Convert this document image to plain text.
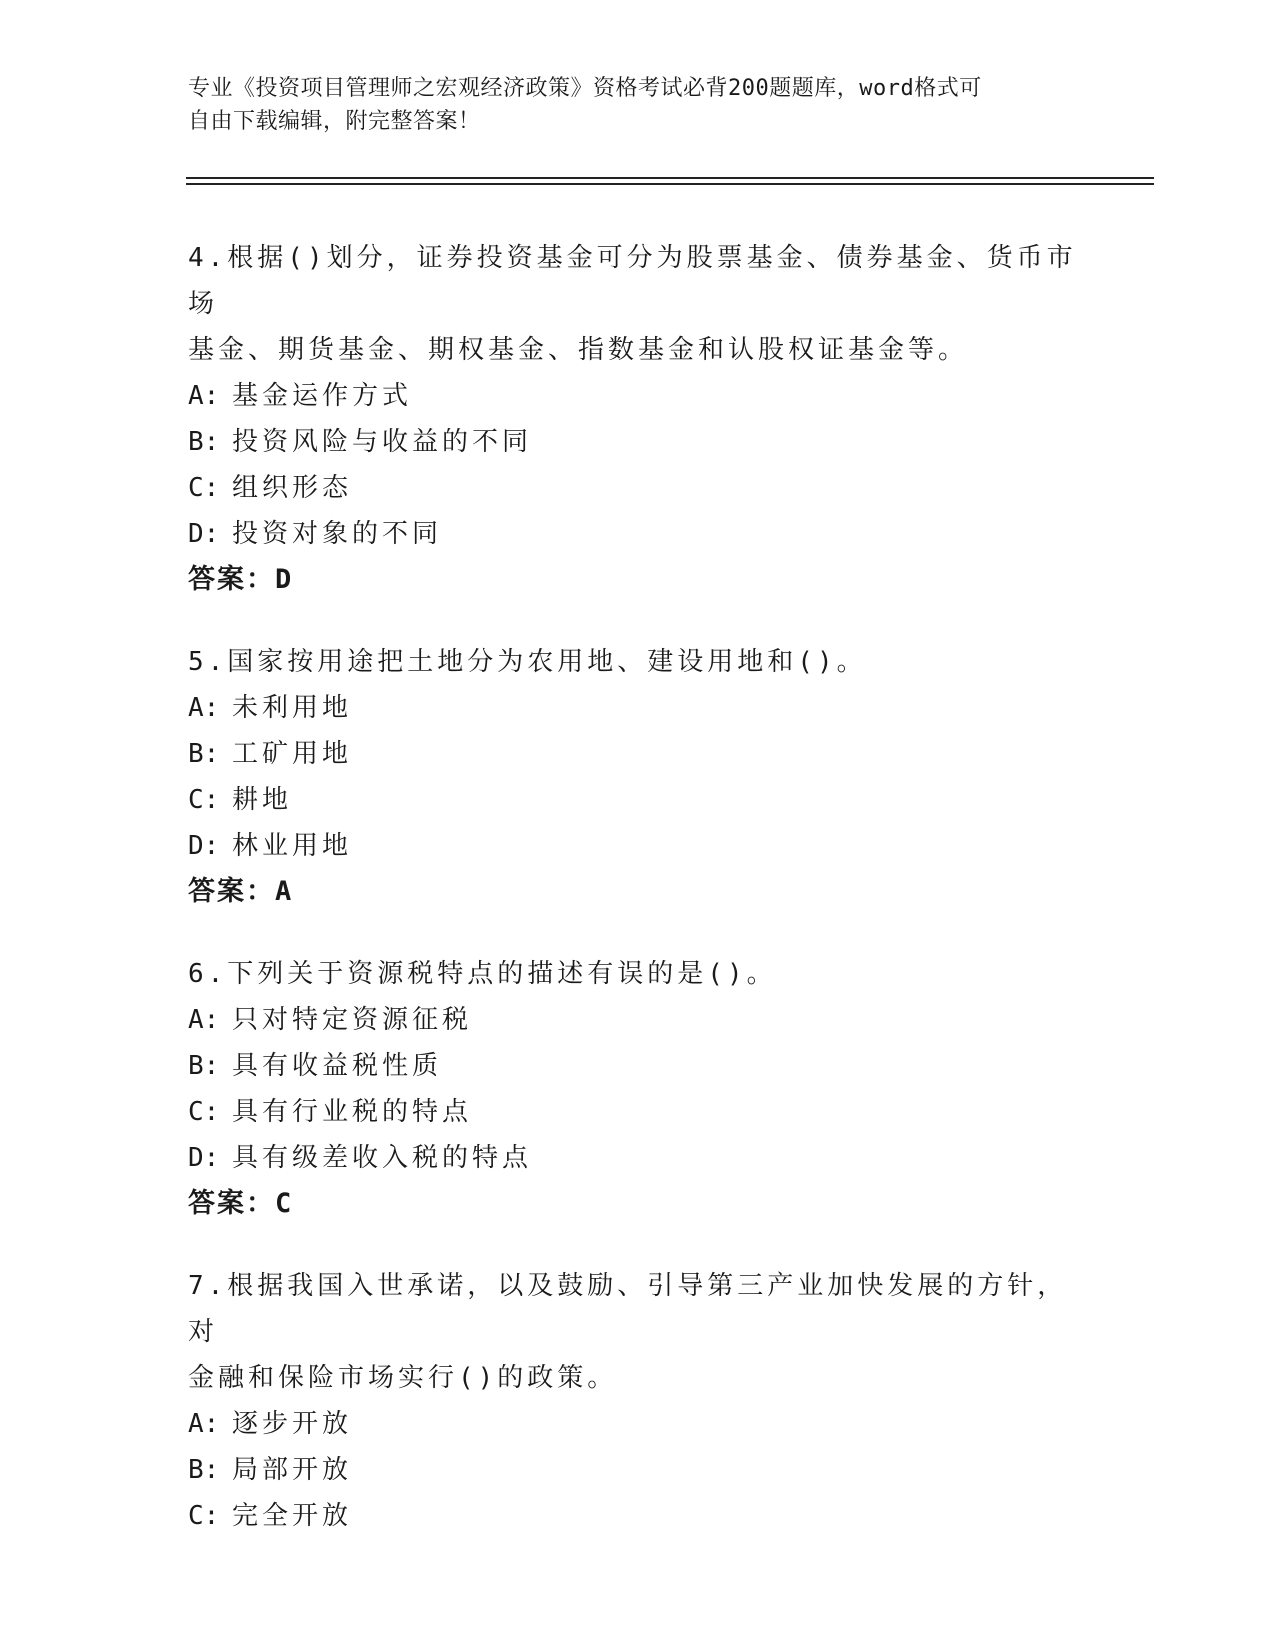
专业《投资项目管理师之宏观经济政策》资格考试必背200题题库，word格式可
自由下载编辑，附完整答案！
4.根据()划分，证券投资基金可分为股票基金、债券基金、货币市场
基金、期货基金、期权基金、指数基金和认股权证基金等。
A: 基金运作方式
B: 投资风险与收益的不同
C: 组织形态
D: 投资对象的不同
答案：D
5.国家按用途把土地分为农用地、建设用地和()。
A: 未利用地
B: 工矿用地
C: 耕地
D: 林业用地
答案：A
6.下列关于资源税特点的描述有误的是()。
A: 只对特定资源征税
B: 具有收益税性质
C: 具有行业税的特点
D: 具有级差收入税的特点
答案：C
7.根据我国入世承诺，以及鼓励、引导第三产业加快发展的方针，对
金融和保险市场实行()的政策。
A: 逐步开放
B: 局部开放
C: 完全开放
